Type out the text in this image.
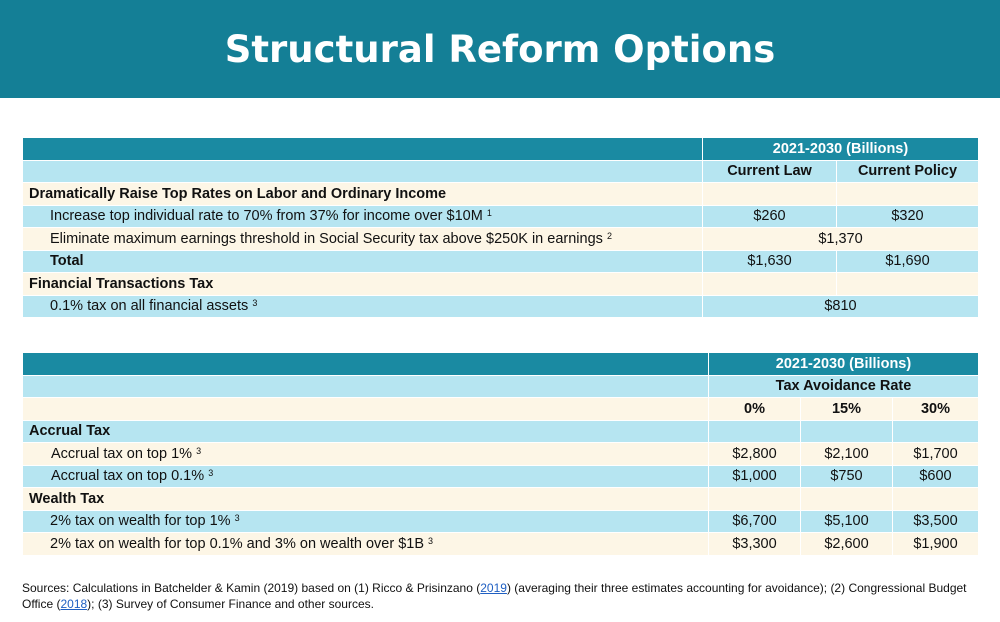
Structural Reform Options
	2021-2030 (Billions)	
	Current Law	Current Policy
Dramatically Raise Top Rates on Labor and Ordinary Income		
Increase top individual rate to 70% from 37% for income over $10M $^1$	$260	$320
Eliminate maximum earnings threshold in Social Security tax above $250K in earnings $^2$	$1,370	
Total	$1,630	$1,690
Financial Transactions Tax		
0.1% tax on all financial assets $^3$	$810	
	2021-2030 (Billions)		
	Tax Avoidance Rate		
	0%	15%	30%
Accrual Tax			
Accrual tax on top 1% $^3$	$2,800	$2,100	$1,700
Accrual tax on top 0.1% $^3$	$1,000	$750	$600
Wealth Tax			
2% tax on wealth for top 1% $^3$	$6,700	$5,100	$3,500
2% tax on wealth for top 0.1% and 3% on wealth over $1B $^3$	$3,300	$2,600	$1,900
Sources: Calculations in Batchelder & Kamin (2019) based on (1) Ricco & Prisinzano (2019) (averaging their three estimates accounting for avoidance); (2) Congressional Budget Office (2018); (3) Survey of Consumer Finance and other sources.
